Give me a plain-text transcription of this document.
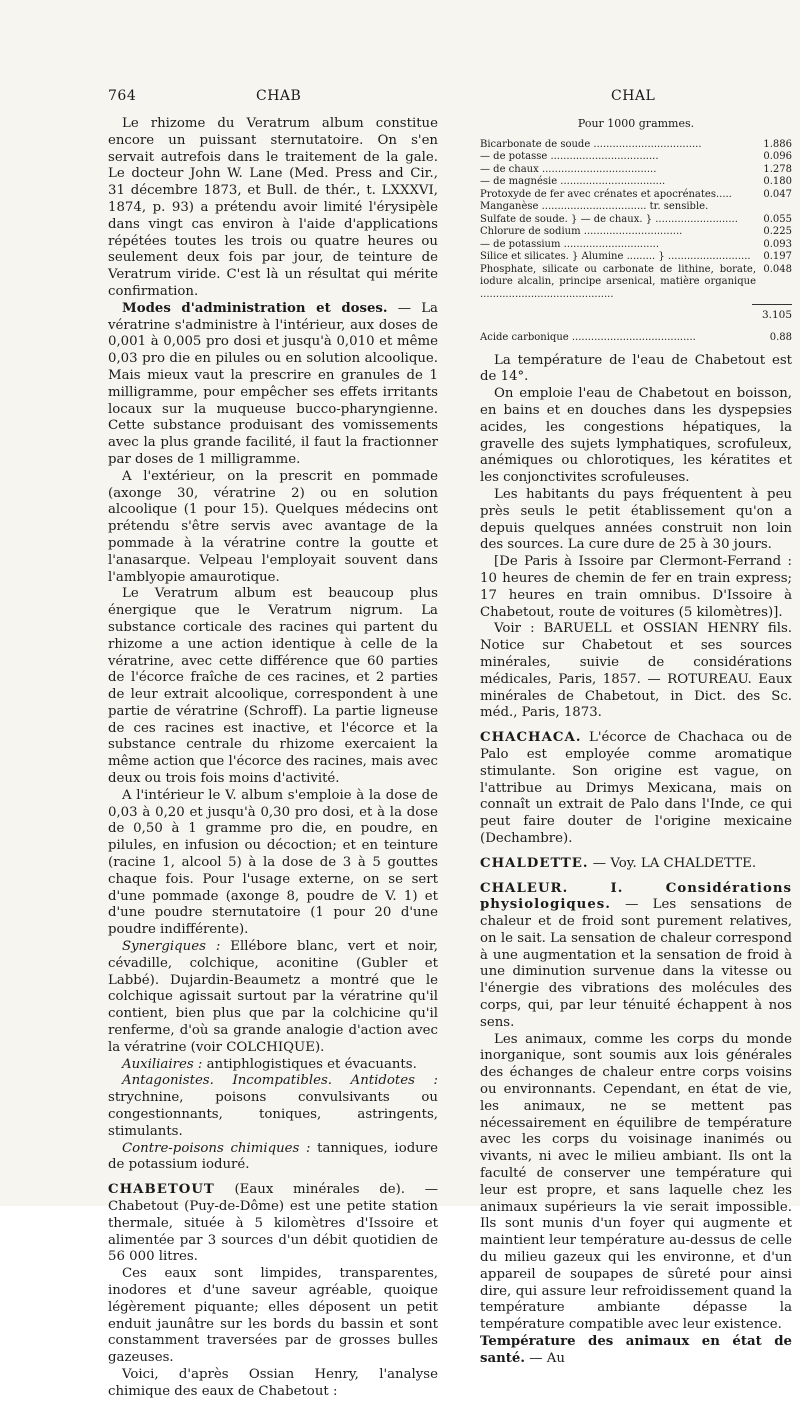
764	CHAB	CHAL

Le rhizome du Veratrum album constitue encore un puissant sternutatoire. On s'en servait autrefois dans le traitement de la gale. Le docteur John W. Lane (Med. Press and Cir., 31 décembre 1873, et Bull. de thér., t. LXXXVI, 1874, p. 93) a prétendu avoir limité l'érysipèle dans vingt cas environ à l'aide d'applications répétées toutes les trois ou quatre heures ou seulement deux fois par jour, de teinture de Veratrum viride. C'est là un résultat qui mérite confirmation.

Modes d'administration et doses. — La vératrine s'administre à l'intérieur, aux doses de 0,001 à 0,005 pro dosi et jusqu'à 0,010 et même 0,03 pro die en pilules ou en solution alcoolique. Mais mieux vaut la prescrire en granules de 1 milligramme, pour empêcher ses effets irritants locaux sur la muqueuse bucco-pharyngienne. Cette substance produisant des vomissements avec la plus grande facilité, il faut la fractionner par doses de 1 milligramme.

A l'extérieur, on la prescrit en pommade (axonge 30, vératrine 2) ou en solution alcoolique (1 pour 15). Quelques médecins ont prétendu s'être servis avec avantage de la pommade à la vératrine contre la goutte et l'anasarque. Velpeau l'employait souvent dans l'amblyopie amaurotique.

Le Veratrum album est beaucoup plus énergique que le Veratrum nigrum. La substance corticale des racines qui partent du rhizome a une action identique à celle de la vératrine, avec cette différence que 60 parties de l'écorce fraîche de ces racines, et 2 parties de leur extrait alcoolique, correspondent à une partie de vératrine (Schroff). La partie ligneuse de ces racines est inactive, et l'écorce et la substance centrale du rhizome exercaient la même action que l'écorce des racines, mais avec deux ou trois fois moins d'activité.

A l'intérieur le V. album s'emploie à la dose de 0,03 à 0,20 et jusqu'à 0,30 pro dosi, et à la dose de 0,50 à 1 gramme pro die, en poudre, en pilules, en infusion ou décoction; et en teinture (racine 1, alcool 5) à la dose de 3 à 5 gouttes chaque fois. Pour l'usage externe, on se sert d'une pommade (axonge 8, poudre de V. 1) et d'une poudre sternutatoire (1 pour 20 d'une poudre indifférente).

Synergiques : Ellébore blanc, vert et noir, cévadille, colchique, aconitine (Gubler et Labbé). Dujardin-Beaumetz a montré que le colchique agissait surtout par la vératrine qu'il contient, bien plus que par la colchicine qu'il renferme, d'où sa grande analogie d'action avec la vératrine (voir COLCHIQUE).

Auxiliaires : antiphlogistiques et évacuants.

Antagonistes. Incompatibles. Antidotes : strychnine, poisons convulsivants ou congestionnants, toniques, astringents, stimulants.

Contre-poisons chimiques : tanniques, iodure de potassium ioduré.

CHABETOUT (Eaux minérales de). — Chabetout (Puy-de-Dôme) est une petite station thermale, située à 5 kilomètres d'Issoire et alimentée par 3 sources d'un débit quotidien de 56 000 litres.

Ces eaux sont limpides, transparentes, inodores et d'une saveur agréable, quoique légèrement piquante; elles déposent un petit enduit jaunâtre sur les bords du bassin et sont constamment traversées par de grosses bulles gazeuses.

Voici, d'après Ossian Henry, l'analyse chimique des eaux de Chabetout :

Pour 1000 grammes.
Bicarbonate de soude ..................................	1.886
— de potasse ..................................	0.096
— de chaux ....................................	1.278
— de magnésie .................................	0.180
Protoxyde de fer avec crénates et apocrénates.....	0.047
Manganèse ................................. tr. sensible.	
Sulfate de soude. } — de chaux. } ..........................	0.055
Chlorure de sodium ...............................	0.225
— de potassium ..............................	0.093
Silice et silicates. } Alumine ......... } ..........................	0.197
Phosphate, silicate ou carbonate de lithine, borate, iodure alcalin, principe arsenical, matière organique ..........................................	0.048
3.105
Acide carbonique .......................................	0.88

La température de l'eau de Chabetout est de 14°.

On emploie l'eau de Chabetout en boisson, en bains et en douches dans les dyspepsies acides, les congestions hépatiques, la gravelle des sujets lymphatiques, scrofuleux, anémiques ou chlorotiques, les kératites et les conjonctivites scrofuleuses.

Les habitants du pays fréquentent à peu près seuls le petit établissement qu'on a depuis quelques années construit non loin des sources. La cure dure de 25 à 30 jours.

[De Paris à Issoire par Clermont-Ferrand : 10 heures de chemin de fer en train express; 17 heures en train omnibus. D'Issoire à Chabetout, route de voitures (5 kilomètres)].

Voir : BARUELL et OSSIAN HENRY fils. Notice sur Chabetout et ses sources minérales, suivie de considérations médicales, Paris, 1857. — ROTUREAU. Eaux minérales de Chabetout, in Dict. des Sc. méd., Paris, 1873.

CHACHACA. L'écorce de Chachaca ou de Palo est employée comme aromatique stimulante. Son origine est vague, on l'attribue au Drimys Mexicana, mais on connaît un extrait de Palo dans l'Inde, ce qui peut faire douter de l'origine mexicaine (Dechambre).

CHALDETTE. — Voy. LA CHALDETTE.

CHALEUR. I. Considérations physiologiques. — Les sensations de chaleur et de froid sont purement relatives, on le sait. La sensation de chaleur correspond à une augmentation et la sensation de froid à une diminution survenue dans la vitesse ou l'énergie des vibrations des molécules des corps, qui, par leur ténuité échappent à nos sens.

Les animaux, comme les corps du monde inorganique, sont soumis aux lois générales des échanges de chaleur entre corps voisins ou environnants. Cependant, en état de vie, les animaux, ne se mettent pas nécessairement en équilibre de température avec les corps du voisinage inanimés ou vivants, ni avec le milieu ambiant. Ils ont la faculté de conserver une température qui leur est propre, et sans laquelle chez les animaux supérieurs la vie serait impossible. Ils sont munis d'un foyer qui augmente et maintient leur température au-dessus de celle du milieu gazeux qui les environne, et d'un appareil de soupapes de sûreté pour ainsi dire, qui assure leur refroidissement quand la température ambiante dépasse la température compatible avec leur existence.

Température des animaux en état de santé. — Au
